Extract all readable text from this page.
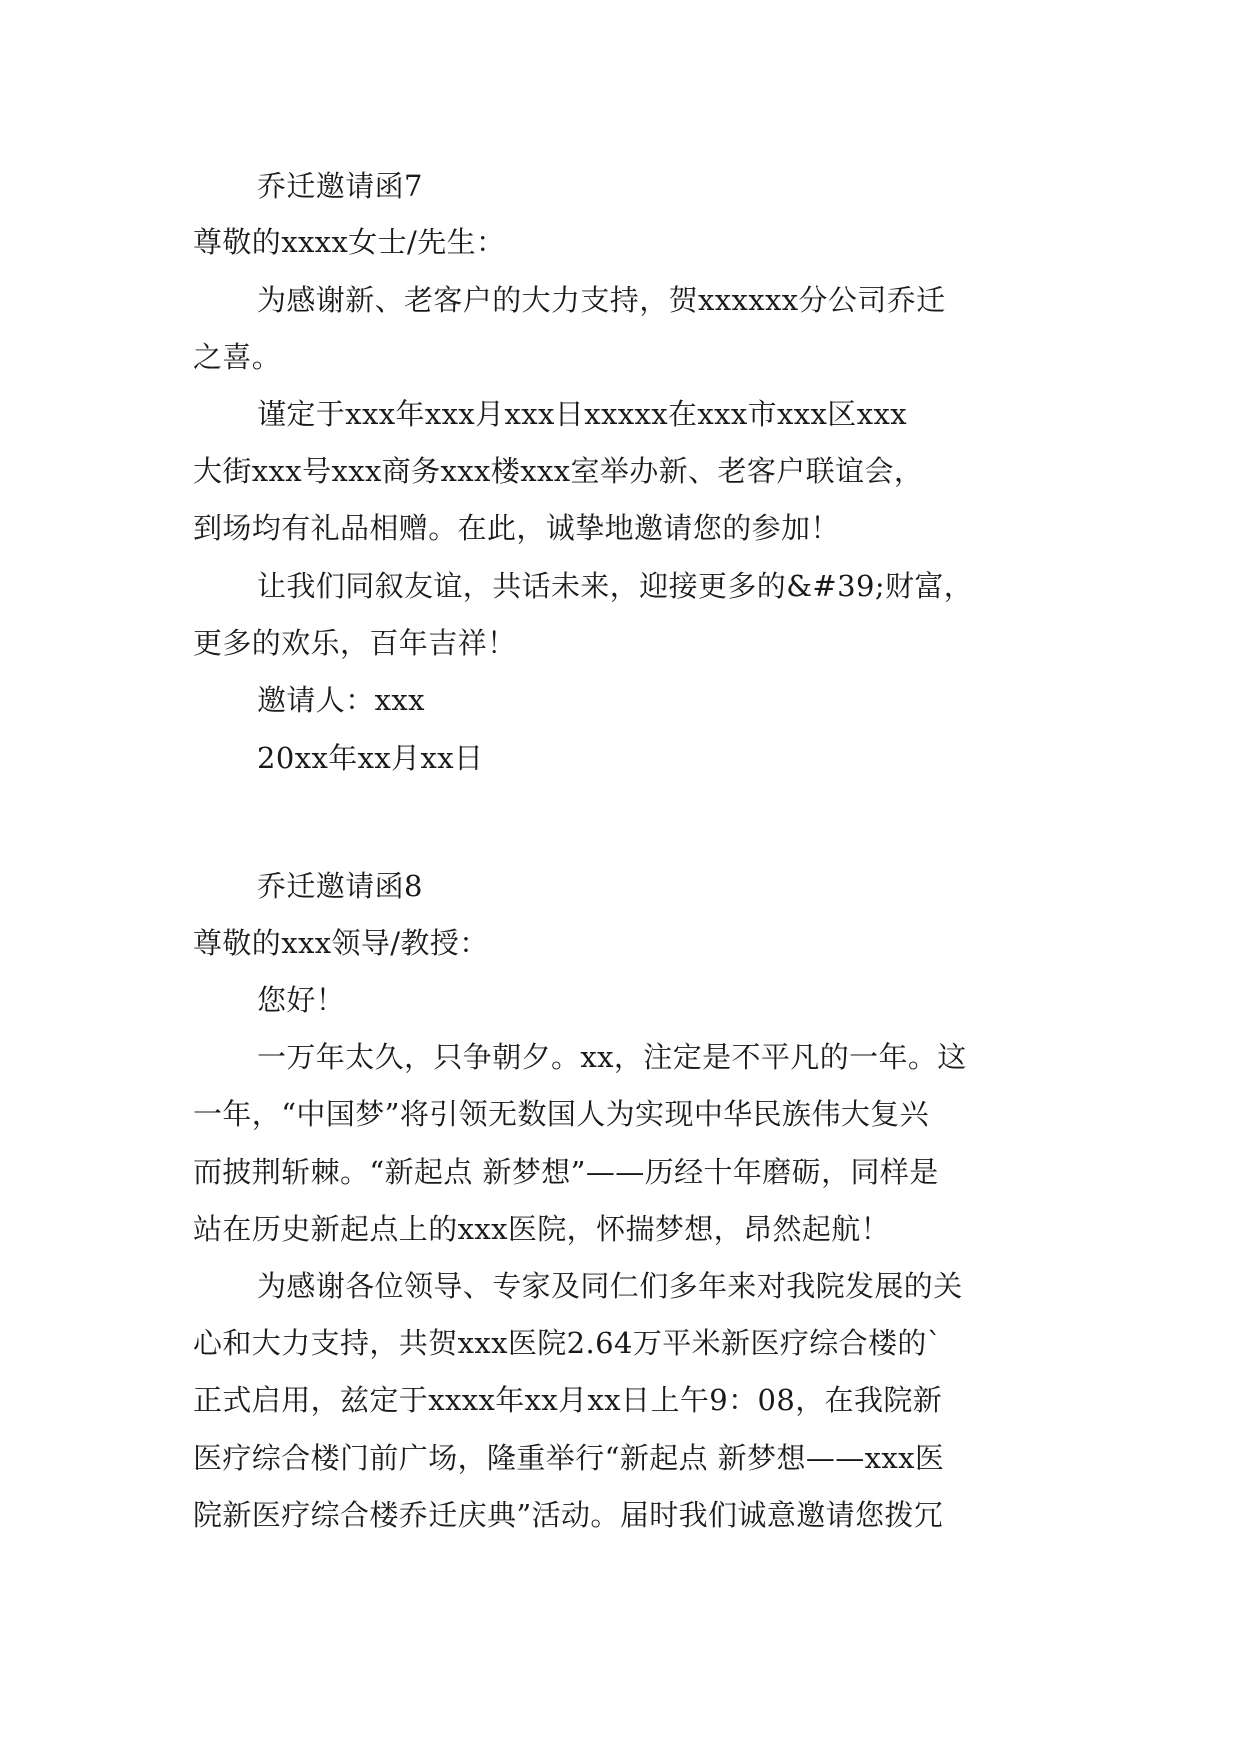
乔迁邀请函7
尊敬的xxxx女士/先生：
为感谢新、老客户的大力支持，贺xxxxxx分公司乔迁
之喜。
谨定于xxx年xxx月xxx日xxxxx在xxx市xxx区xxx
大街xxx号xxx商务xxx楼xxx室举办新、老客户联谊会，
到场均有礼品相赠。在此，诚挚地邀请您的参加！
让我们同叙友谊，共话未来，迎接更多的&#39;财富，
更多的欢乐，百年吉祥！
邀请人：xxx
20xx年xx月xx日
乔迁邀请函8
尊敬的xxx领导/教授：
您好！
一万年太久，只争朝夕。xx，注定是不平凡的一年。这
一年，“中国梦”将引领无数国人为实现中华民族伟大复兴
而披荆斩棘。“新起点 新梦想”——历经十年磨砺，同样是
站在历史新起点上的xxx医院，怀揣梦想，昂然起航！
为感谢各位领导、专家及同仁们多年来对我院发展的关
心和大力支持，共贺xxx医院2.64万平米新医疗综合楼的`
正式启用，兹定于xxxx年xx月xx日上午9：08，在我院新
医疗综合楼门前广场，隆重举行“新起点 新梦想——xxx医
院新医疗综合楼乔迁庆典”活动。届时我们诚意邀请您拨冗
